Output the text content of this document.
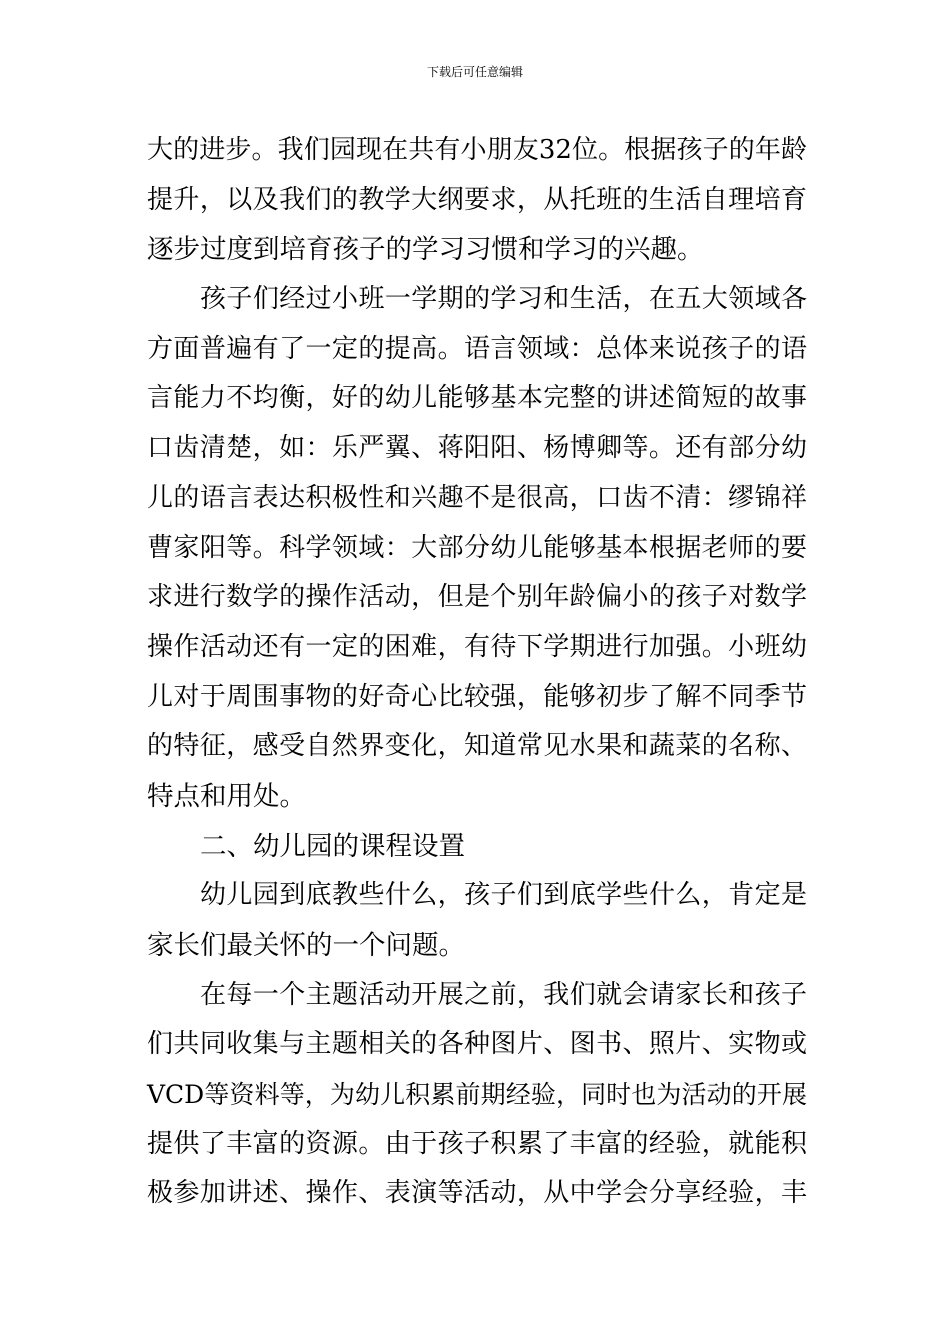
下载后可任意编辑
大的进步。我们园现在共有小朋友32位。根据孩子的年龄
提升，以及我们的教学大纲要求，从托班的生活自理培育
逐步过度到培育孩子的学习习惯和学习的兴趣。
孩子们经过小班一学期的学习和生活，在五大领域各
方面普遍有了一定的提高。语言领域：总体来说孩子的语
言能力不均衡，好的幼儿能够基本完整的讲述简短的故事
口齿清楚，如：乐严翼、蒋阳阳、杨博卿等。还有部分幼
儿的语言表达积极性和兴趣不是很高，口齿不清：缪锦祥
曹家阳等。科学领域：大部分幼儿能够基本根据老师的要
求进行数学的操作活动，但是个别年龄偏小的孩子对数学
操作活动还有一定的困难，有待下学期进行加强。小班幼
儿对于周围事物的好奇心比较强，能够初步了解不同季节
的特征，感受自然界变化，知道常见水果和蔬菜的名称、
特点和用处。
二、幼儿园的课程设置
幼儿园到底教些什么，孩子们到底学些什么，肯定是
家长们最关怀的一个问题。
在每一个主题活动开展之前，我们就会请家长和孩子
们共同收集与主题相关的各种图片、图书、照片、实物或
VCD等资料等，为幼儿积累前期经验，同时也为活动的开展
提供了丰富的资源。由于孩子积累了丰富的经验，就能积
极参加讲述、操作、表演等活动，从中学会分享经验，丰
